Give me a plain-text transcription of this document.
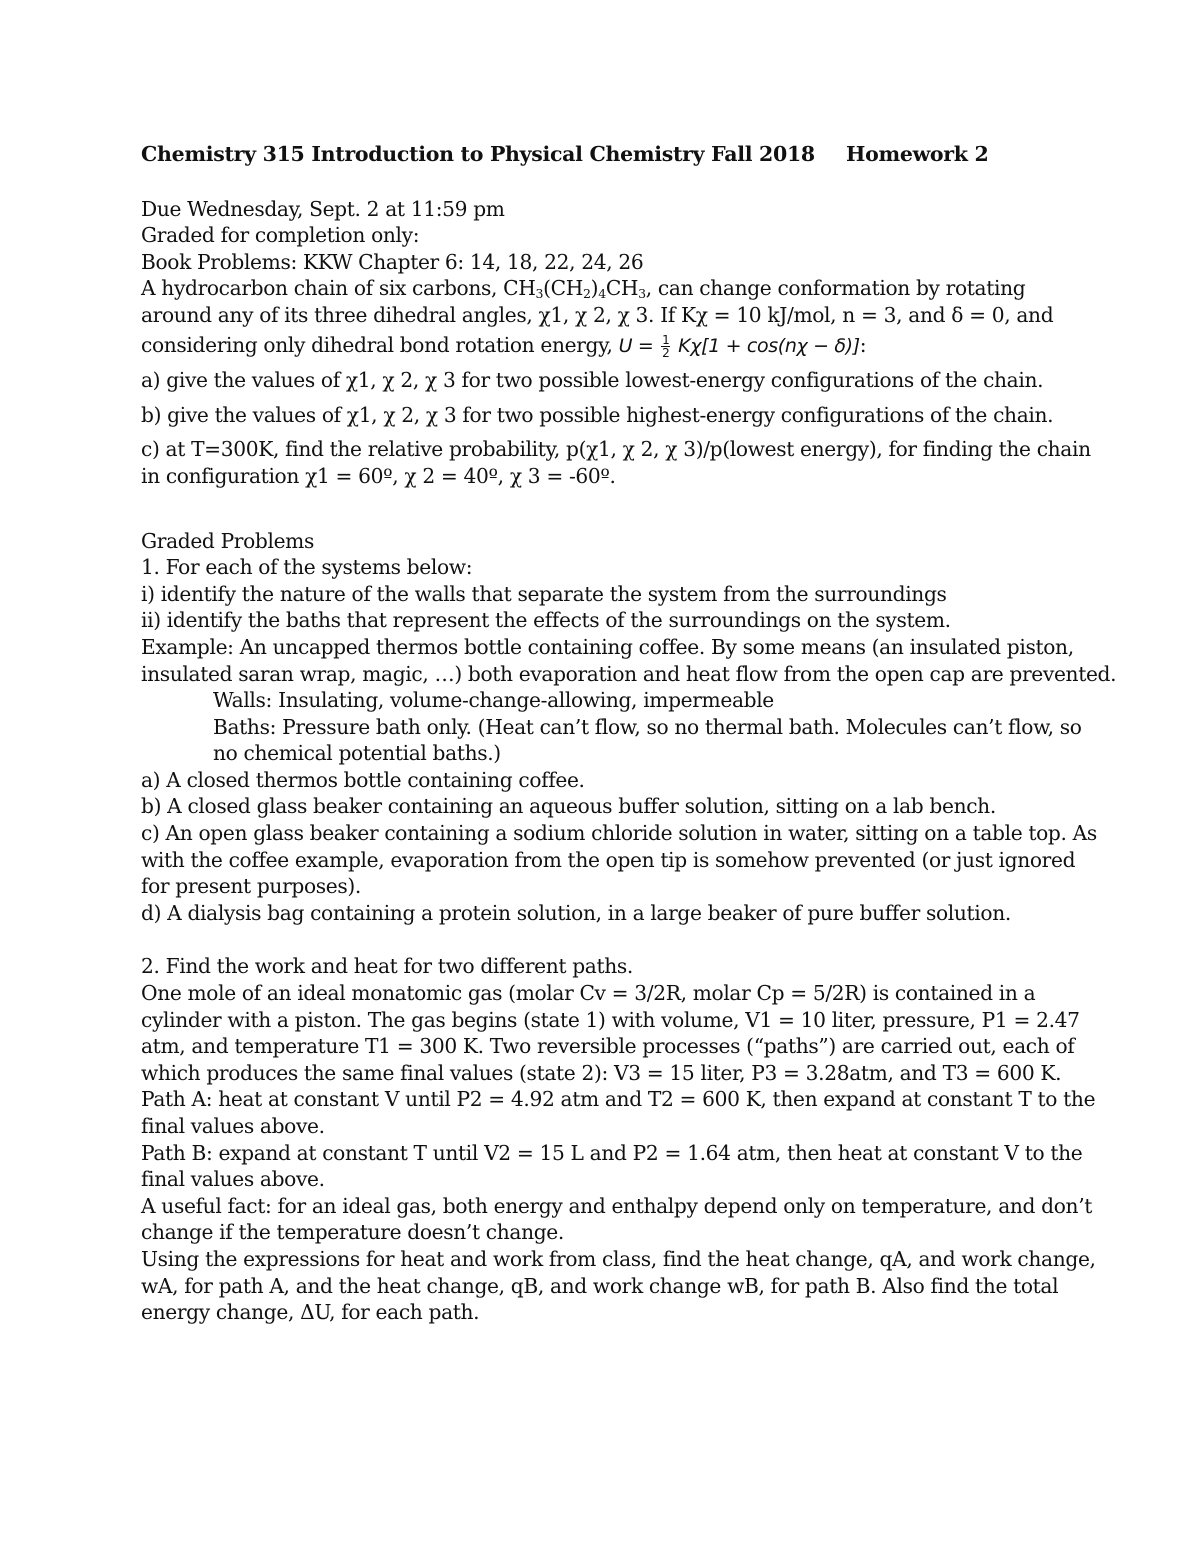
Chemistry 315 Introduction to Physical Chemistry Fall 2018 Homework 2
Due Wednesday, Sept. 2 at 11:59 pm
Graded for completion only:
Book Problems: KKW Chapter 6: 14, 18, 22, 24, 26
A hydrocarbon chain of six carbons, $CH_3(CH_2)_4CH_3$, can change conformation by rotating
around any of its three dihedral angles, χ1, χ 2, χ 3. If Kχ = 10 kJ/mol, n = 3, and δ = 0, and
considering only dihedral bond rotation energy, $U = \frac{1}{2} K\chi[1 + \cos(n\chi - \delta)]$:
a) give the values of χ1, χ 2, χ 3 for two possible lowest-energy configurations of the chain.
b) give the values of χ1, χ 2, χ 3 for two possible highest-energy configurations of the chain.
c) at T=300K, find the relative probability, p(χ1, χ 2, χ 3)/p(lowest energy), for finding the chain
in configuration χ1 = 60º, χ 2 = 40º, χ 3 = -60º.
Graded Problems
1. For each of the systems below:
i) identify the nature of the walls that separate the system from the surroundings
ii) identify the baths that represent the effects of the surroundings on the system.
Example: An uncapped thermos bottle containing coffee. By some means (an insulated piston,
insulated saran wrap, magic, …) both evaporation and heat flow from the open cap are prevented.
Walls: Insulating, volume-change-allowing, impermeable
Baths: Pressure bath only. (Heat can’t flow, so no thermal bath. Molecules can’t flow, so
no chemical potential baths.)
a) A closed thermos bottle containing coffee.
b) A closed glass beaker containing an aqueous buffer solution, sitting on a lab bench.
c) An open glass beaker containing a sodium chloride solution in water, sitting on a table top. As
with the coffee example, evaporation from the open tip is somehow prevented (or just ignored
for present purposes).
d) A dialysis bag containing a protein solution, in a large beaker of pure buffer solution.
2. Find the work and heat for two different paths.
One mole of an ideal monatomic gas (molar Cv = 3/2R, molar Cp = 5/2R) is contained in a
cylinder with a piston. The gas begins (state 1) with volume, V1 = 10 liter, pressure, P1 = 2.47
atm, and temperature T1 = 300 K. Two reversible processes (“paths”) are carried out, each of
which produces the same final values (state 2): V3 = 15 liter, P3 = 3.28atm, and T3 = 600 K.
Path A: heat at constant V until P2 = 4.92 atm and T2 = 600 K, then expand at constant T to the
final values above.
Path B: expand at constant T until V2 = 15 L and P2 = 1.64 atm, then heat at constant V to the
final values above.
A useful fact: for an ideal gas, both energy and enthalpy depend only on temperature, and don’t
change if the temperature doesn’t change.
Using the expressions for heat and work from class, find the heat change, qA, and work change,
wA, for path A, and the heat change, qB, and work change wB, for path B. Also find the total
energy change, ΔU, for each path.
